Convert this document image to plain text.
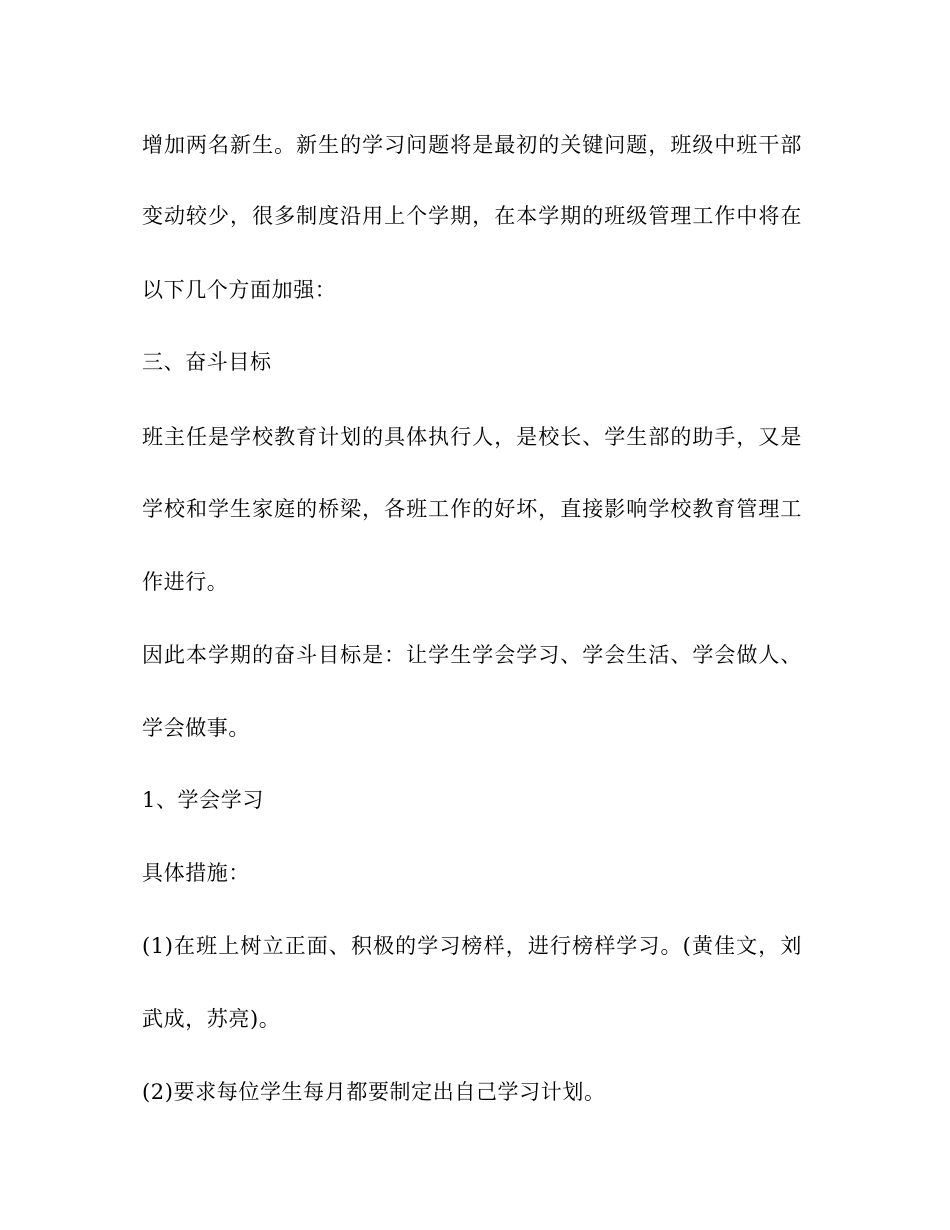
增加两名新生。新生的学习问题将是最初的关键问题，班级中班干部
变动较少，很多制度沿用上个学期，在本学期的班级管理工作中将在
以下几个方面加强：
三、奋斗目标
班主任是学校教育计划的具体执行人，是校长、学生部的助手，又是
学校和学生家庭的桥梁，各班工作的好坏，直接影响学校教育管理工
作进行。
因此本学期的奋斗目标是：让学生学会学习、学会生活、学会做人、
学会做事。
1、学会学习
具体措施：
(1)在班上树立正面、积极的学习榜样，进行榜样学习。(黄佳文，刘
武成，苏亮)。
(2)要求每位学生每月都要制定出自己学习计划。
